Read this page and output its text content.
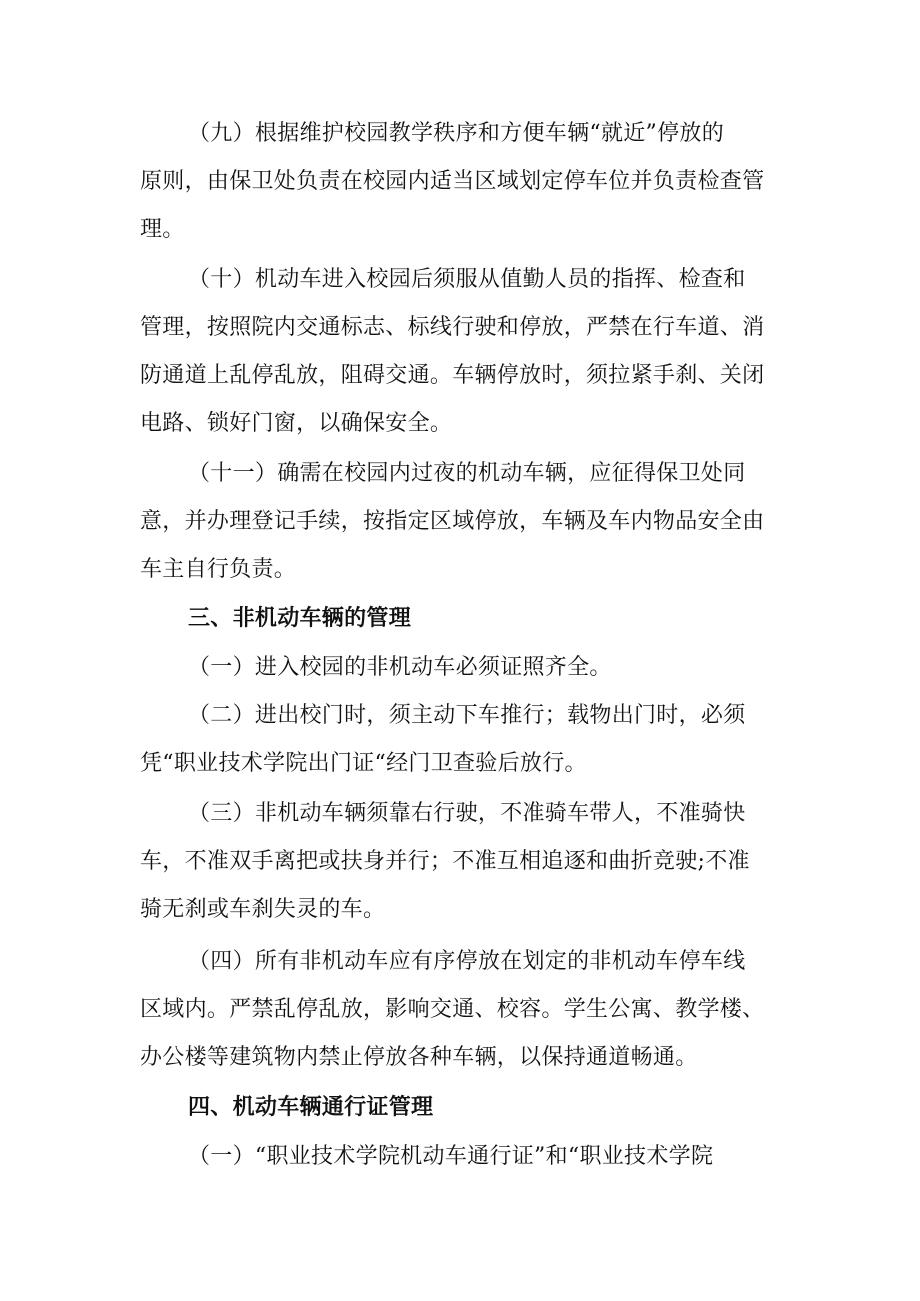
（九）根据维护校园教学秩序和方便车辆“就近”停放的
原则，由保卫处负责在校园内适当区域划定停车位并负责检查管
理。

（十）机动车进入校园后须服从值勤人员的指挥、检查和
管理，按照院内交通标志、标线行驶和停放，严禁在行车道、消
防通道上乱停乱放，阻碍交通。车辆停放时，须拉紧手刹、关闭
电路、锁好门窗，以确保安全。

（十一）确需在校园内过夜的机动车辆，应征得保卫处同
意，并办理登记手续，按指定区域停放，车辆及车内物品安全由
车主自行负责。

三、非机动车辆的管理

（一）进入校园的非机动车必须证照齐全。

（二）进出校门时，须主动下车推行；载物出门时，必须
凭“职业技术学院出门证“经门卫查验后放行。

（三）非机动车辆须靠右行驶，不准骑车带人，不准骑快
车，不准双手离把或扶身并行；不准互相追逐和曲折竞驶;不准
骑无刹或车刹失灵的车。

（四）所有非机动车应有序停放在划定的非机动车停车线
区域内。严禁乱停乱放，影响交通、校容。学生公寓、教学楼、
办公楼等建筑物内禁止停放各种车辆，以保持通道畅通。

四、机动车辆通行证管理

（一）“职业技术学院机动车通行证”和“职业技术学院
